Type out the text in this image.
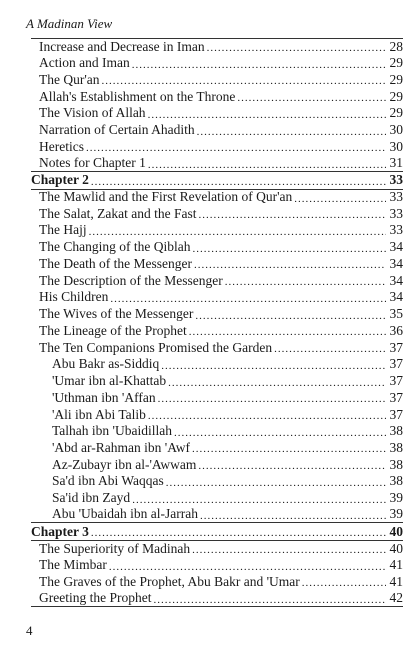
A Madinan View
Increase and Decrease in Iman .....	28
Action and Iman .....	29
The Qur'an .....	29
Allah's Establishment on the Throne .....	29
The Vision of Allah .....	29
Narration of Certain Ahadith .....	30
Heretics .....	30
Notes for Chapter 1 .....	31
Chapter 2 .....	33
The Mawlid and the First Revelation of Qur'an .....	33
The Salat, Zakat and the Fast .....	33
The Hajj .....	33
The Changing of the Qiblah .....	34
The Death of the Messenger .....	34
The Description of the Messenger .....	34
His Children .....	34
The Wives of the Messenger .....	35
The Lineage of the Prophet .....	36
The Ten Companions Promised the Garden .....	37
Abu Bakr as-Siddiq .....	37
'Umar ibn al-Khattab .....	37
'Uthman ibn 'Affan .....	37
'Ali ibn Abi Talib .....	37
Talhah ibn 'Ubaidillah .....	38
'Abd ar-Rahman ibn 'Awf .....	38
Az-Zubayr ibn al-'Awwam .....	38
Sa'd ibn Abi Waqqas .....	38
Sa'id ibn Zayd .....	39
Abu 'Ubaidah ibn al-Jarrah .....	39
Chapter 3 .....	40
The Superiority of Madinah .....	40
The Mimbar .....	41
The Graves of the Prophet, Abu Bakr and 'Umar .....	41
Greeting the Prophet .....	42
4
